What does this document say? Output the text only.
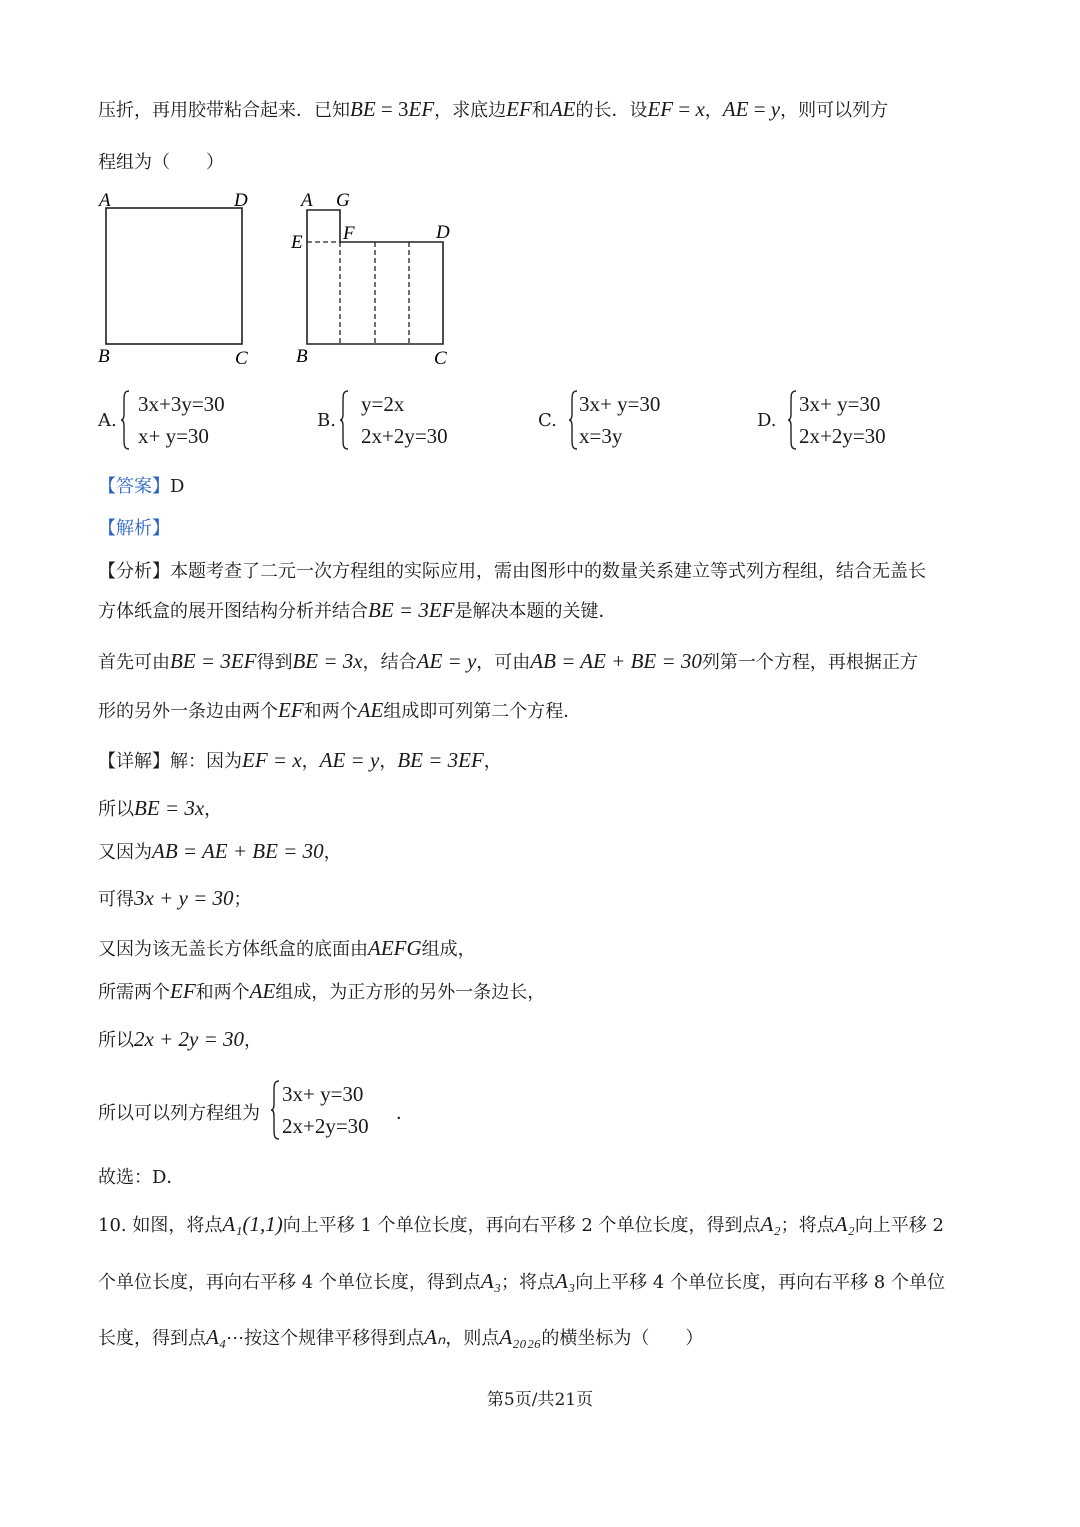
压折，再用胶带粘合起来．已知BE = 3EF，求底边EF和AE的长．设EF = x，AE = y，则可以列方
程组为（　　）
A	D
B	C
A G
E F	D
B	C
A.
3x+3y=30
x+ y=30
B.
y=2x
2x+2y=30
C.
3x+ y=30
x=3y
D.
3x+ y=30
2x+2y=30
【答案】D
【解析】
【分析】本题考查了二元一次方程组的实际应用，需由图形中的数量关系建立等式列方程组，结合无盖长
方体纸盒的展开图结构分析并结合BE = 3EF是解决本题的关键．
首先可由BE = 3EF得到BE = 3x，结合AE = y，可由AB = AE + BE = 30列第一个方程，再根据正方
形的另外一条边由两个EF和两个AE组成即可列第二个方程．
【详解】解：因为EF = x，AE = y，BE = 3EF，
所以BE = 3x，
又因为AB = AE + BE = 30，
可得3x + y = 30；
又因为该无盖长方体纸盒的底面由AEFG组成，
所需两个EF和两个AE组成，为正方形的另外一条边长，
所以2x + 2y = 30，
所以可以列方程组为
3x+ y=30
2x+2y=30
．
故选：D．
10. 如图，将点A₁(1,1)向上平移 1 个单位长度，再向右平移 2 个单位长度，得到点A₂；将点A₂向上平移 2
个单位长度，再向右平移 4 个单位长度，得到点A₃；将点A₃向上平移 4 个单位长度，再向右平移 8 个单位
长度，得到点A₄⋯按这个规律平移得到点Aₙ，则点A₂₀₂₆的横坐标为（　　）
第5页/共21页
